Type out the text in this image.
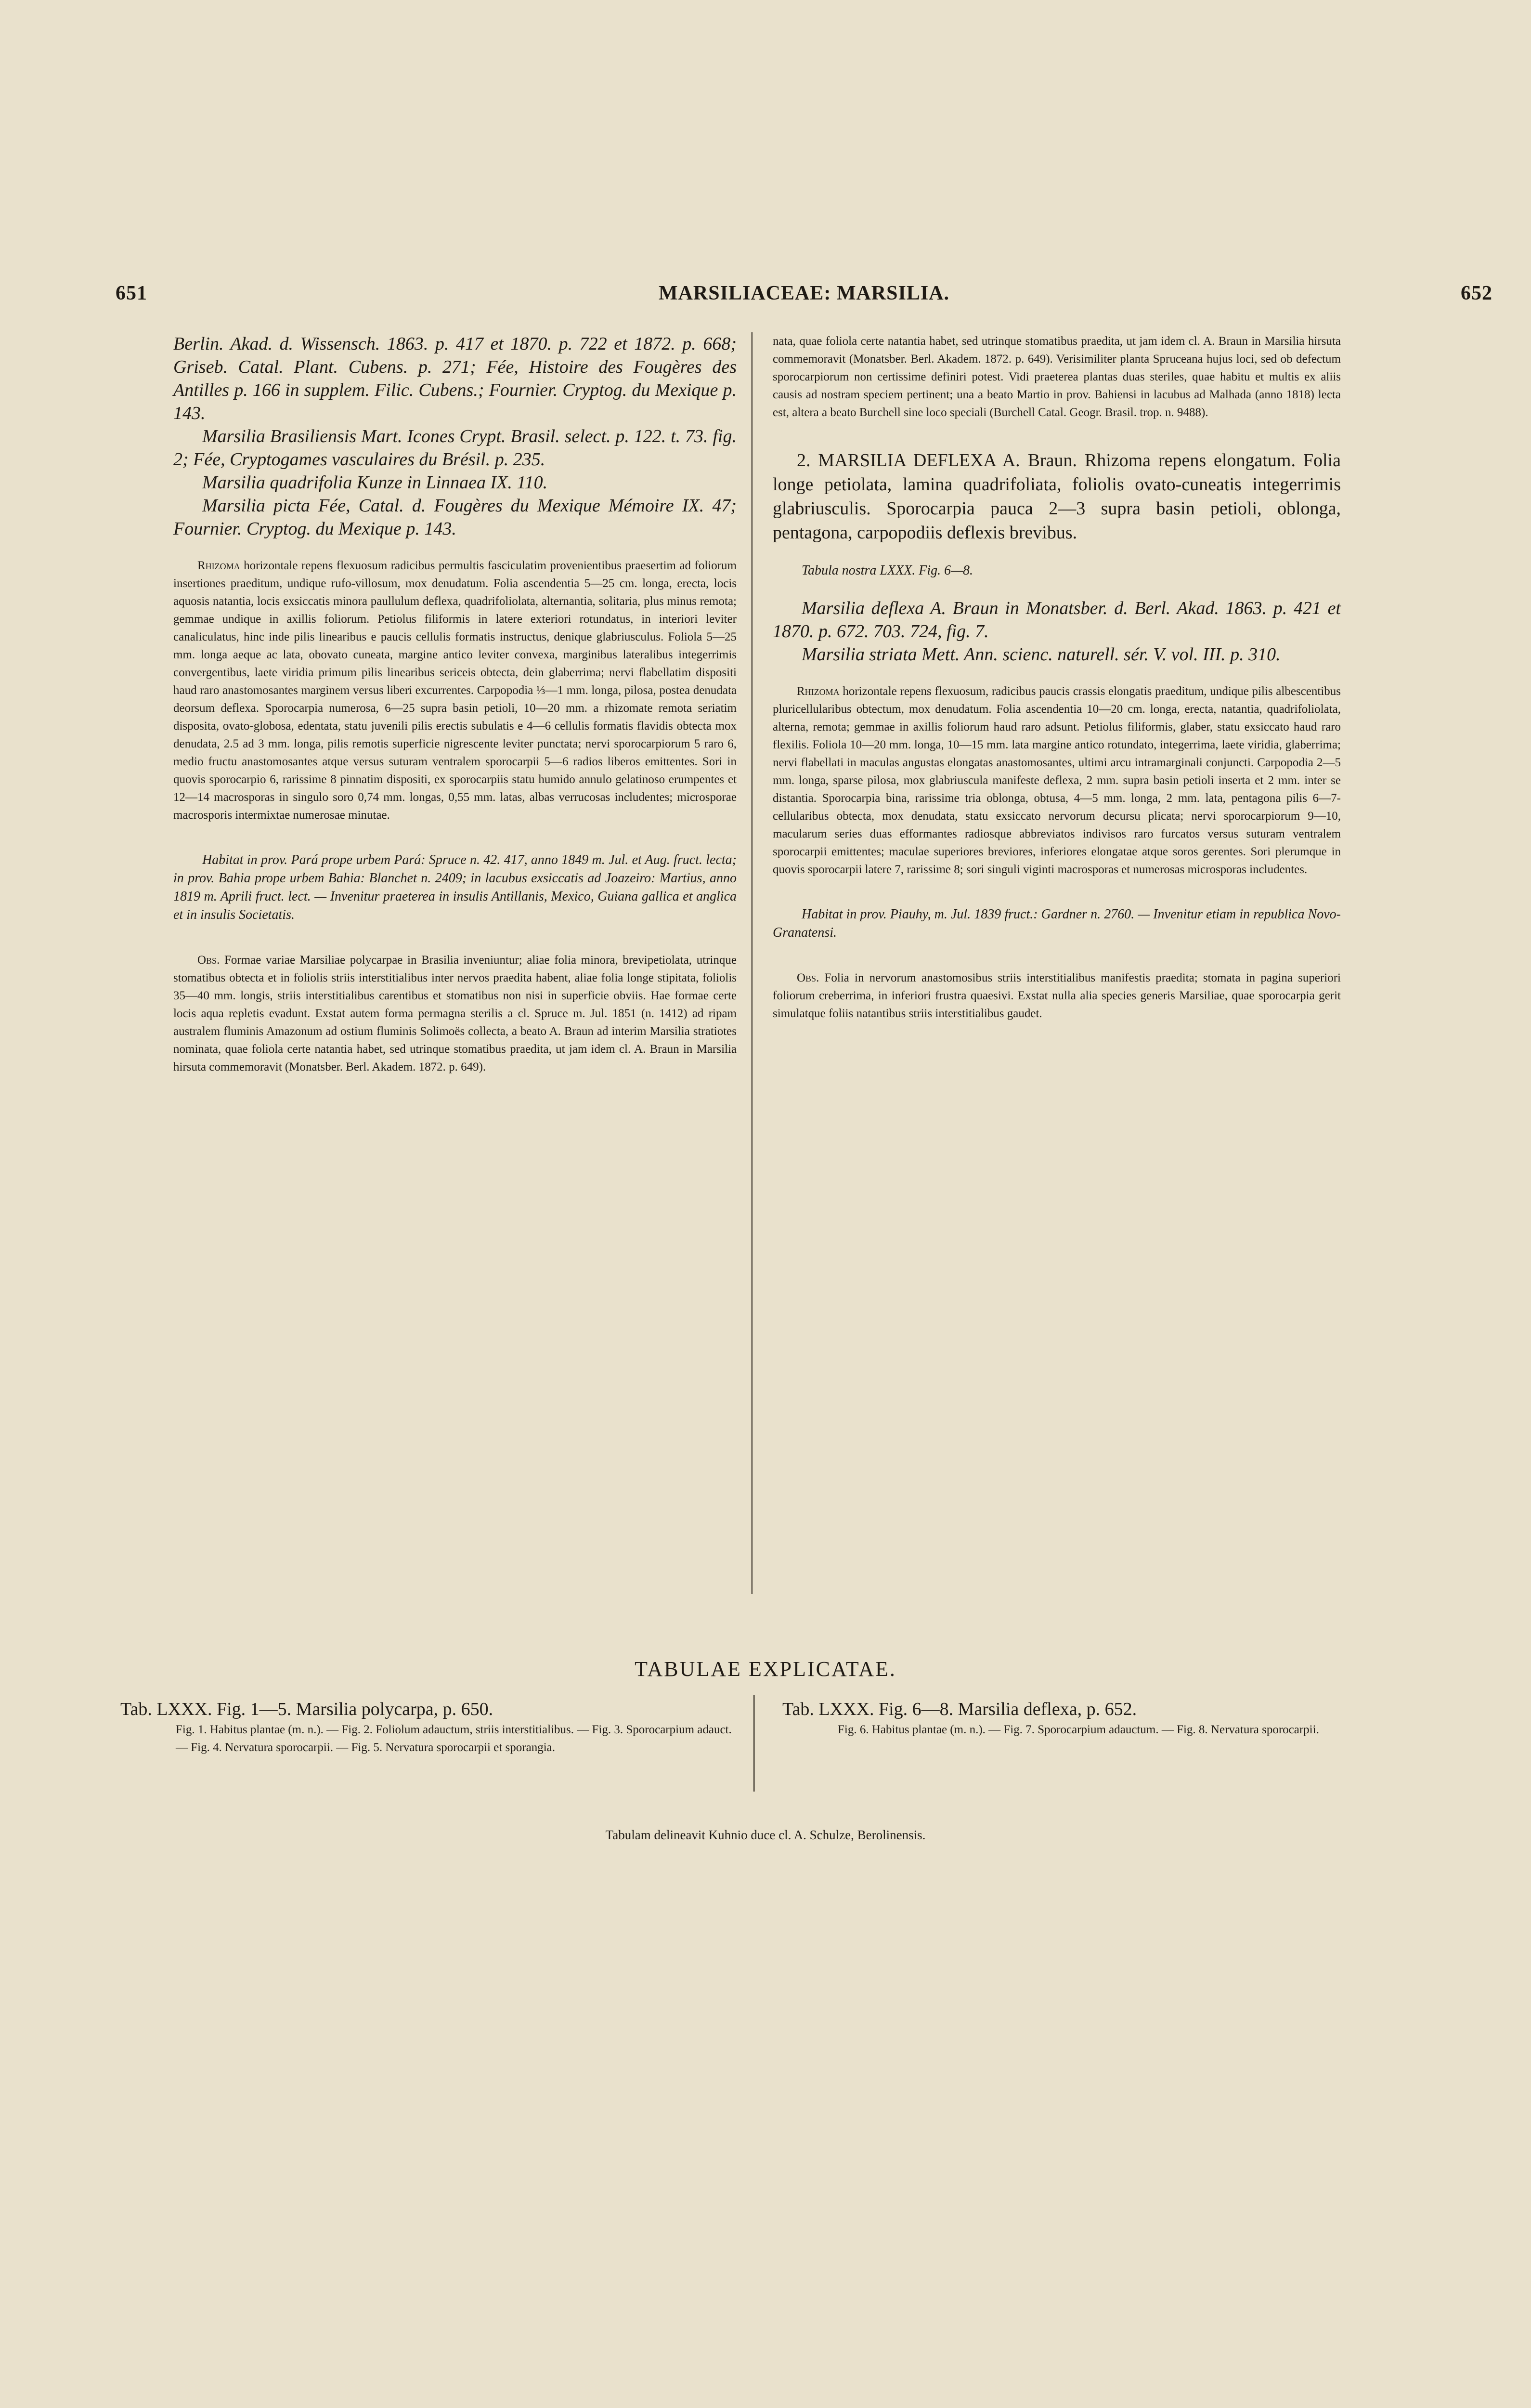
651	MARSILIACEAE: MARSILIA.	652

Berlin. Akad. d. Wissensch. 1863. p. 417 et 1870. p. 722 et 1872. p. 668; Griseb. Catal. Plant. Cubens. p. 271; Fée, Histoire des Fougères des Antilles p. 166 in supplem. Filic. Cubens.; Fournier. Cryptog. du Mexique p. 143.

Marsilia Brasiliensis Mart. Icones Crypt. Brasil. select. p. 122. t. 73. fig. 2; Fée, Cryptogames vasculaires du Brésil. p. 235.

Marsilia quadrifolia Kunze in Linnaea IX. 110.

Marsilia picta Fée, Catal. d. Fougères du Mexique Mémoire IX. 47; Fournier. Cryptog. du Mexique p. 143.

Rhizoma horizontale repens flexuosum radicibus permultis fasciculatim provenientibus praesertim ad foliorum insertiones praeditum, undique rufo-villosum, mox denudatum. Folia ascendentia 5—25 cm. longa, erecta, locis aquosis natantia, locis exsiccatis minora paullulum deflexa, quadrifoliolata, alternantia, solitaria, plus minus remota; gemmae undique in axillis foliorum. Petiolus filiformis in latere exteriori rotundatus, in interiori leviter canaliculatus, hinc inde pilis linearibus e paucis cellulis formatis instructus, denique glabriusculus. Foliola 5—25 mm. longa aeque ac lata, obovato cuneata, margine antico leviter convexa, marginibus lateralibus integerrimis convergentibus, laete viridia primum pilis linearibus sericeis obtecta, dein glaberrima; nervi flabellatim dispositi haud raro anastomosantes marginem versus liberi excurrentes. Carpopodia ⅓—1 mm. longa, pilosa, postea denudata deorsum deflexa. Sporocarpia numerosa, 6—25 supra basin petioli, 10—20 mm. a rhizomate remota seriatim disposita, ovato-globosa, edentata, statu juvenili pilis erectis subulatis e 4—6 cellulis formatis flavidis obtecta mox denudata, 2.5 ad 3 mm. longa, pilis remotis superficie nigrescente leviter punctata; nervi sporocarpiorum 5 raro 6, medio fructu anastomosantes atque versus suturam ventralem sporocarpii 5—6 radios liberos emittentes. Sori in quovis sporocarpio 6, rarissime 8 pinnatim dispositi, ex sporocarpiis statu humido annulo gelatinoso erumpentes et 12—14 macrosporas in singulo soro 0,74 mm. longas, 0,55 mm. latas, albas verrucosas includentes; microsporae macrosporis intermixtae numerosae minutae.

Habitat in prov. Pará prope urbem Pará: Spruce n. 42. 417, anno 1849 m. Jul. et Aug. fruct. lecta; in prov. Bahia prope urbem Bahia: Blanchet n. 2409; in lacubus exsiccatis ad Joazeiro: Martius, anno 1819 m. Aprili fruct. lect. — Invenitur praeterea in insulis Antillanis, Mexico, Guiana gallica et anglica et in insulis Societatis.

Obs. Formae variae Marsiliae polycarpae in Brasilia inveniuntur; aliae folia minora, brevipetiolata, utrinque stomatibus obtecta et in foliolis striis interstitialibus inter nervos praedita habent, aliae folia longe stipitata, foliolis 35—40 mm. longis, striis interstitialibus carentibus et stomatibus non nisi in superficie obviis. Hae formae certe locis aqua repletis evadunt. Exstat autem forma permagna sterilis a cl. Spruce m. Jul. 1851 (n. 1412) ad ripam australem fluminis Amazonum ad ostium fluminis Solimoës collecta, a beato A. Braun ad interim Marsilia stratiotes nominata, quae foliola certe natantia habet, sed utrinque stomatibus praedita, ut jam idem cl. A. Braun in Marsilia hirsuta commemoravit (Monatsber. Berl. Akadem. 1872. p. 649).

nata, quae foliola certe natantia habet, sed utrinque stomatibus praedita, ut jam idem cl. A. Braun in Marsilia hirsuta commemoravit (Monatsber. Berl. Akadem. 1872. p. 649). Verisimiliter planta Spruceana hujus loci, sed ob defectum sporocarpiorum non certissime definiri potest. Vidi praeterea plantas duas steriles, quae habitu et multis ex aliis causis ad nostram speciem pertinent; una a beato Martio in prov. Bahiensi in lacubus ad Malhada (anno 1818) lecta est, altera a beato Burchell sine loco speciali (Burchell Catal. Geogr. Brasil. trop. n. 9488).

2. MARSILIA DEFLEXA A. Braun. Rhizoma repens elongatum. Folia longe petiolata, lamina quadrifoliata, foliolis ovato-cuneatis integerrimis glabriusculis. Sporocarpia pauca 2—3 supra basin petioli, oblonga, pentagona, carpopodiis deflexis brevibus.

Tabula nostra LXXX. Fig. 6—8.

Marsilia deflexa A. Braun in Monatsber. d. Berl. Akad. 1863. p. 421 et 1870. p. 672. 703. 724, fig. 7.

Marsilia striata Mett. Ann. scienc. naturell. sér. V. vol. III. p. 310.

Rhizoma horizontale repens flexuosum, radicibus paucis crassis elongatis praeditum, undique pilis albescentibus pluricellularibus obtectum, mox denudatum. Folia ascendentia 10—20 cm. longa, erecta, natantia, quadrifoliolata, alterna, remota; gemmae in axillis foliorum haud raro adsunt. Petiolus filiformis, glaber, statu exsiccato haud raro flexilis. Foliola 10—20 mm. longa, 10—15 mm. lata margine antico rotundato, integerrima, laete viridia, glaberrima; nervi flabellati in maculas angustas elongatas anastomosantes, ultimi arcu intramarginali conjuncti. Carpopodia 2—5 mm. longa, sparse pilosa, mox glabriuscula manifeste deflexa, 2 mm. supra basin petioli inserta et 2 mm. inter se distantia. Sporocarpia bina, rarissime tria oblonga, obtusa, 4—5 mm. longa, 2 mm. lata, pentagona pilis 6—7-cellularibus obtecta, mox denudata, statu exsiccato nervorum decursu plicata; nervi sporocarpiorum 9—10, macularum series duas efformantes radiosque abbreviatos indivisos raro furcatos versus suturam ventralem sporocarpii emittentes; maculae superiores breviores, inferiores elongatae atque soros gerentes. Sori plerumque in quovis sporocarpii latere 7, rarissime 8; sori singuli viginti macrosporas et numerosas microsporas includentes.

Habitat in prov. Piauhy, m. Jul. 1839 fruct.: Gardner n. 2760. — Invenitur etiam in republica Novo-Granatensi.

Obs. Folia in nervorum anastomosibus striis interstitialibus manifestis praedita; stomata in pagina superiori foliorum creberrima, in inferiori frustra quaesivi. Exstat nulla alia species generis Marsiliae, quae sporocarpia gerit simulatque foliis natantibus striis interstitialibus gaudet.

TABULAE EXPLICATAE.

Tab. LXXX. Fig. 1—5. Marsilia polycarpa, p. 650.

Fig. 1. Habitus plantae (m. n.). — Fig. 2. Foliolum adauctum, striis interstitialibus. — Fig. 3. Sporocarpium adauct. — Fig. 4. Nervatura sporocarpii. — Fig. 5. Nervatura sporocarpii et sporangia.

Tab. LXXX. Fig. 6—8. Marsilia deflexa, p. 652.

Fig. 6. Habitus plantae (m. n.). — Fig. 7. Sporocarpium adauctum. — Fig. 8. Nervatura sporocarpii.

Tabulam delineavit Kuhnio duce cl. A. Schulze, Berolinensis.
